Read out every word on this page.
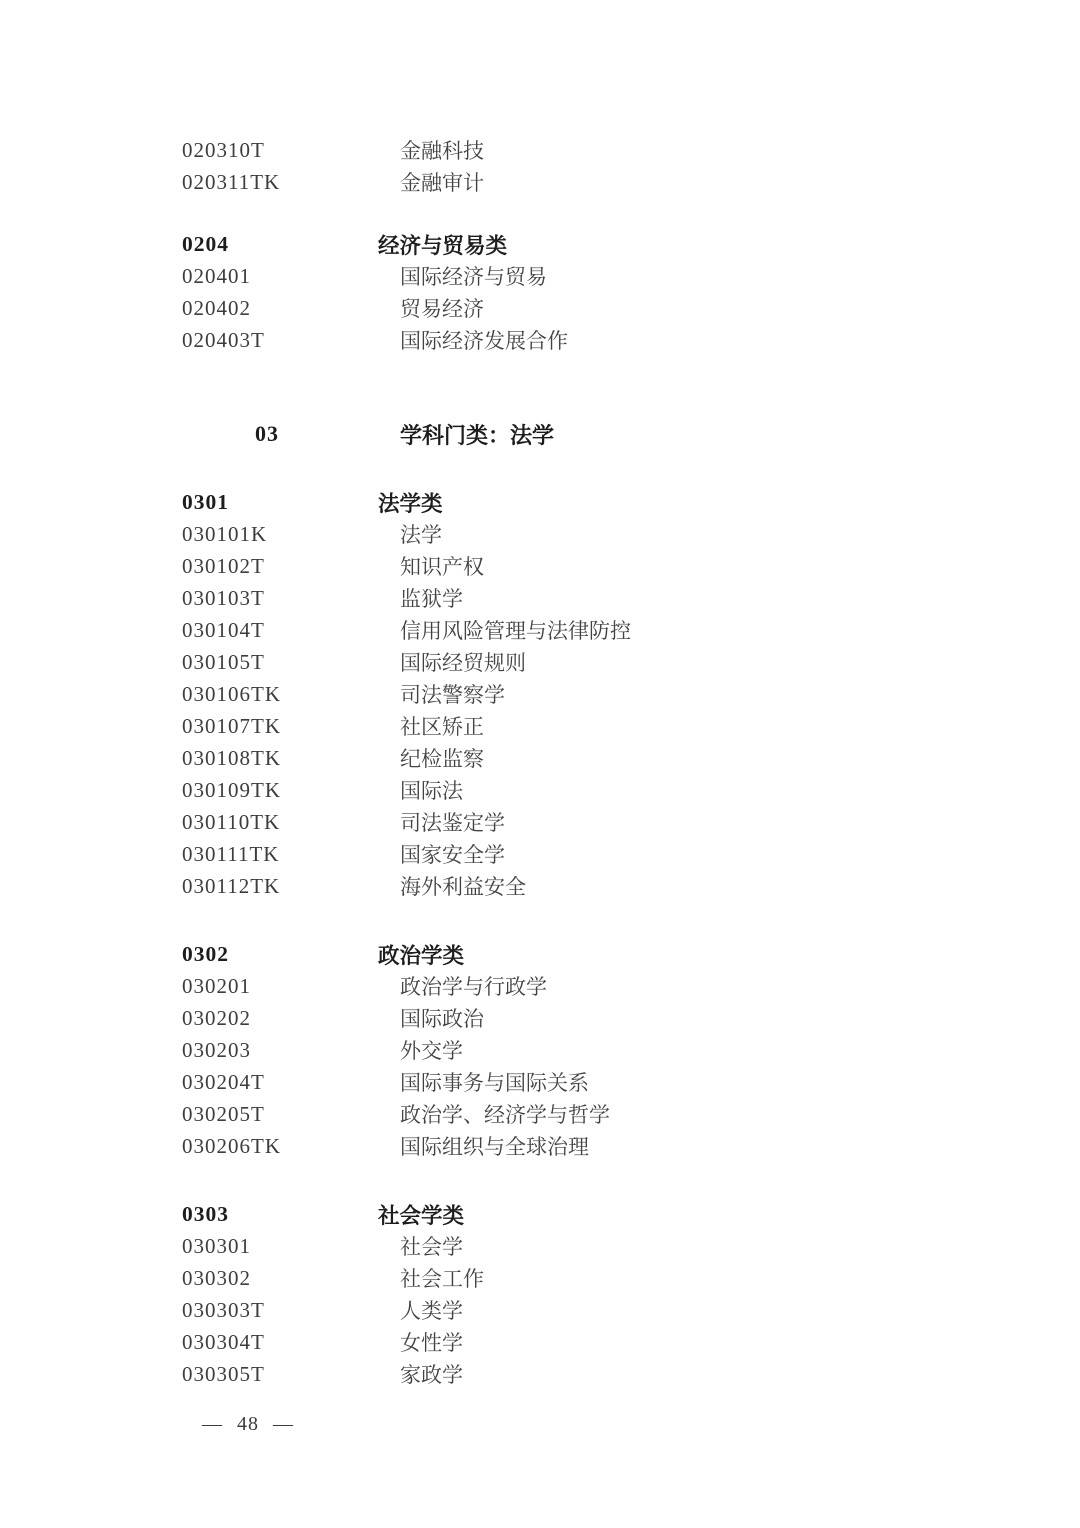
020310T	金融科技
020311TK	金融审计
0204	经济与贸易类
020401	国际经济与贸易
020402	贸易经济
020403T	国际经济发展合作
03	学科门类：法学
0301	法学类
030101K	法学
030102T	知识产权
030103T	监狱学
030104T	信用风险管理与法律防控
030105T	国际经贸规则
030106TK	司法警察学
030107TK	社区矫正
030108TK	纪检监察
030109TK	国际法
030110TK	司法鉴定学
030111TK	国家安全学
030112TK	海外利益安全
0302	政治学类
030201	政治学与行政学
030202	国际政治
030203	外交学
030204T	国际事务与国际关系
030205T	政治学、经济学与哲学
030206TK	国际组织与全球治理
0303	社会学类
030301	社会学
030302	社会工作
030303T	人类学
030304T	女性学
030305T	家政学
— 48 —
